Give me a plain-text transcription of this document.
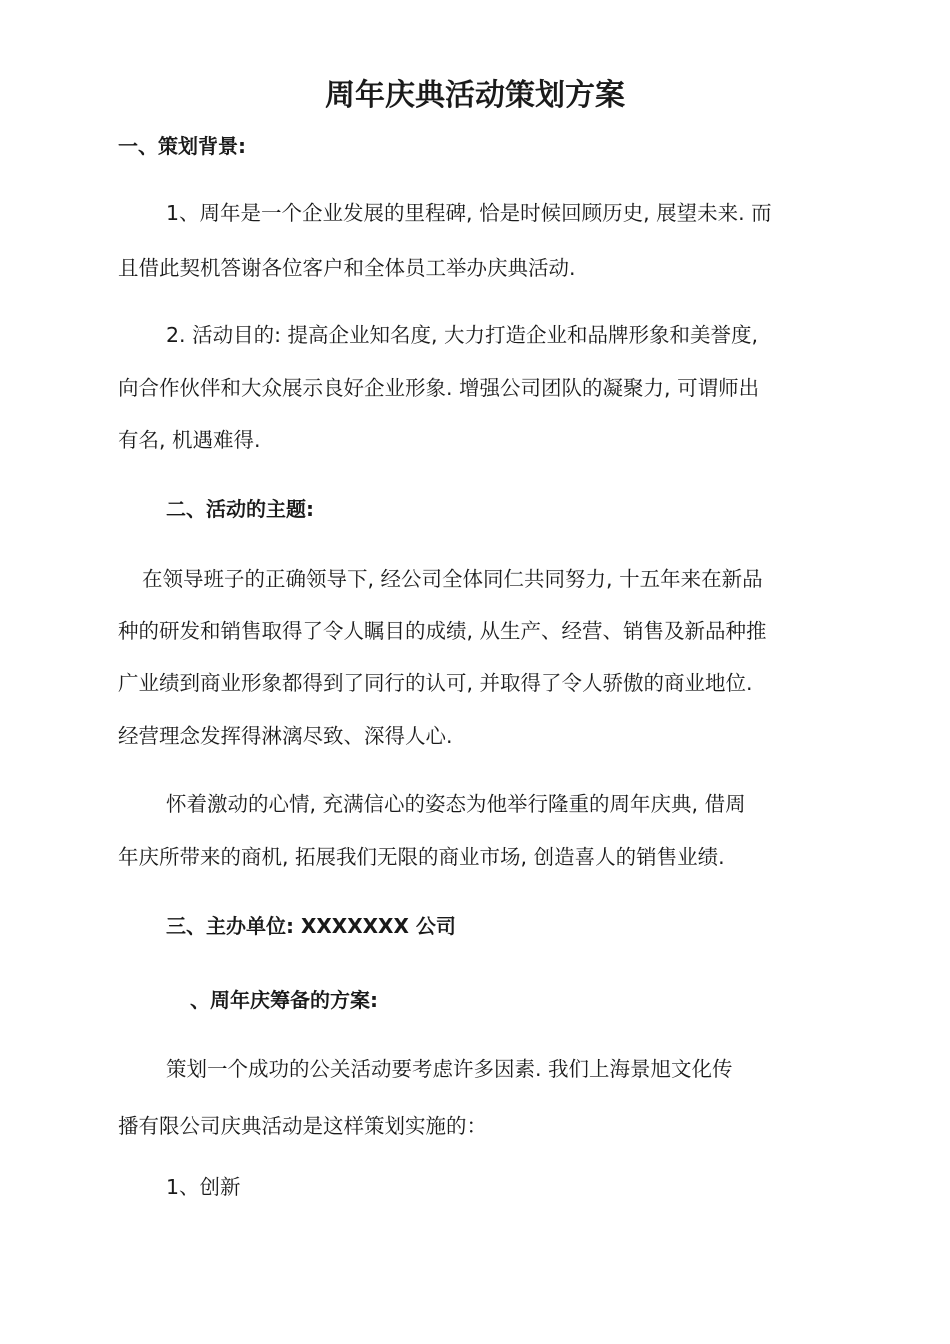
周年庆典活动策划方案
一、策划背景:
1、周年是一个企业发展的里程碑, 恰是时候回顾历史, 展望未来. 而
且借此契机答谢各位客户和全体员工举办庆典活动.
2. 活动目的: 提高企业知名度, 大力打造企业和品牌形象和美誉度,
向合作伙伴和大众展示良好企业形象. 增强公司团队的凝聚力, 可谓师出
有名, 机遇难得.
二、活动的主题:
在领导班子的正确领导下, 经公司全体同仁共同努力, 十五年来在新品
种的研发和销售取得了令人瞩目的成绩, 从生产、经营、销售及新品种推
广业绩到商业形象都得到了同行的认可, 并取得了令人骄傲的商业地位.
经营理念发挥得淋漓尽致、深得人心.
怀着激动的心情, 充满信心的姿态为他举行隆重的周年庆典, 借周
年庆所带来的商机, 拓展我们无限的商业市场, 创造喜人的销售业绩.
三、主办单位: XXXXXXX 公司
、周年庆筹备的方案:
策划一个成功的公关活动要考虑许多因素. 我们上海景旭文化传
播有限公司庆典活动是这样策划实施的：
1、创新
